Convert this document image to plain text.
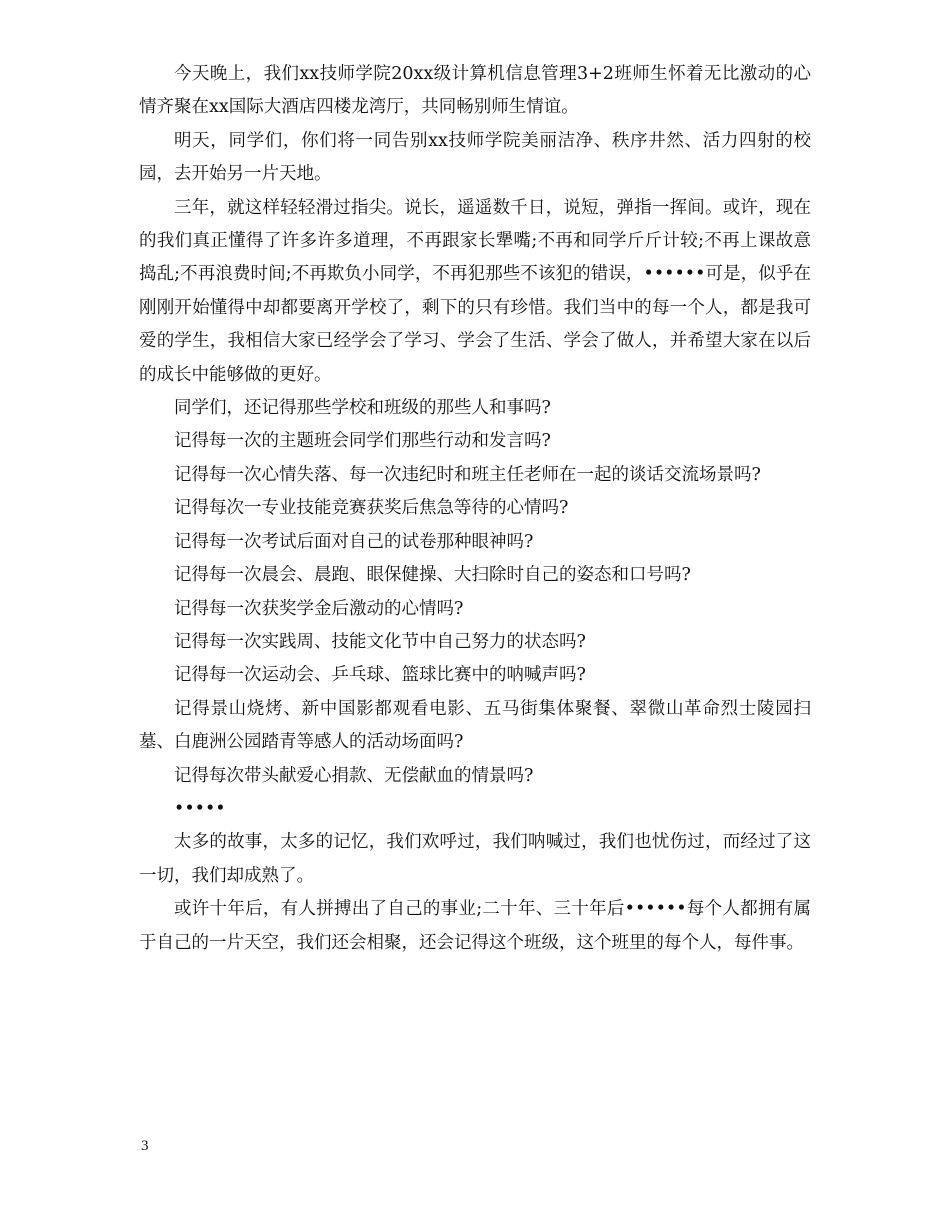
今天晚上，我们xx技师学院20xx级计算机信息管理3+2班师生怀着无比激动的心情齐聚在xx国际大酒店四楼龙湾厅，共同畅别师生情谊。

明天，同学们，你们将一同告别xx技师学院美丽洁净、秩序井然、活力四射的校园，去开始另一片天地。

三年，就这样轻轻滑过指尖。说长，遥遥数千日，说短，弹指一挥间。或许，现在的我们真正懂得了许多许多道理，不再跟家长犟嘴;不再和同学斤斤计较;不再上课故意捣乱;不再浪费时间;不再欺负小同学，不再犯那些不该犯的错误，••••••可是，似乎在刚刚开始懂得中却都要离开学校了，剩下的只有珍惜。我们当中的每一个人，都是我可爱的学生，我相信大家已经学会了学习、学会了生活、学会了做人，并希望大家在以后的成长中能够做的更好。

同学们，还记得那些学校和班级的那些人和事吗?

记得每一次的主题班会同学们那些行动和发言吗?

记得每一次心情失落、每一次违纪时和班主任老师在一起的谈话交流场景吗?

记得每次一专业技能竞赛获奖后焦急等待的心情吗?

记得每一次考试后面对自己的试卷那种眼神吗?

记得每一次晨会、晨跑、眼保健操、大扫除时自己的姿态和口号吗?

记得每一次获奖学金后激动的心情吗?

记得每一次实践周、技能文化节中自己努力的状态吗?

记得每一次运动会、乒乓球、篮球比赛中的呐喊声吗?

记得景山烧烤、新中国影都观看电影、五马街集体聚餐、翠微山革命烈士陵园扫墓、白鹿洲公园踏青等感人的活动场面吗?

记得每次带头献爱心捐款、无偿献血的情景吗?

•••••

太多的故事，太多的记忆，我们欢呼过，我们呐喊过，我们也忧伤过，而经过了这一切，我们却成熟了。

或许十年后，有人拼搏出了自己的事业;二十年、三十年后••••••每个人都拥有属于自己的一片天空，我们还会相聚，还会记得这个班级，这个班里的每个人，每件事。

3
